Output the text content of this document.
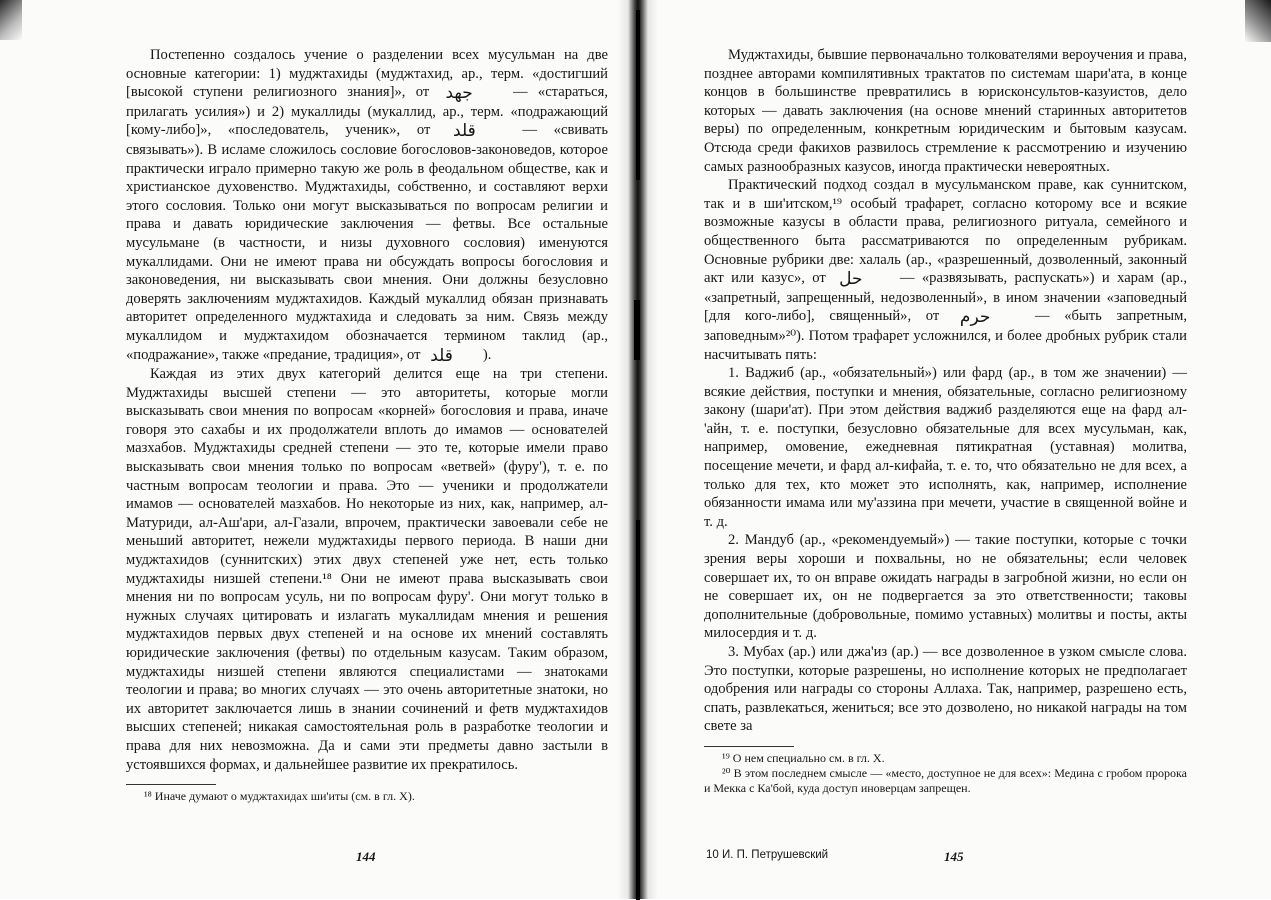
Постепенно создалось учение о разделении всех мусульман на две основные категории: 1) муджтахиды (муджтахид, ар., терм. «достигший [высокой ступени религиозного знания]», от جهد	— «стараться, прилагать усилия») и 2) мукаллиды (мукаллид, ар., терм. «подражающий [кому-либо]», «последователь, ученик», от قلد	— «свивать связывать»). В исламе сложилось сословие богословов-законоведов, которое практически играло примерно такую же роль в феодальном обществе, как и христианское духовенство. Муджтахиды, собственно, и составляют верхи этого сословия. Только они могут высказываться по вопросам религии и права и давать юридические заключения — фетвы. Все остальные мусульмане (в частности, и низы духовного сословия) именуются мукаллидами. Они не имеют права ни обсуждать вопросы богословия и законоведения, ни высказывать свои мнения. Они должны безусловно доверять заключениям муджтахидов. Каждый мукаллид обязан признавать авторитет определенного муджтахида и следовать за ним. Связь между мукаллидом и муджтахидом обозначается термином таклид (ар., «подражание», также «предание, традиция», от قلد ).

Каждая из этих двух категорий делится еще на три степени. Муджтахиды высшей степени — это авторитеты, которые могли высказывать свои мнения по вопросам «корней» богословия и права, иначе говоря это сахабы и их продолжатели вплоть до имамов — основателей мазхабов. Муджтахиды средней степени — это те, которые имели право высказывать свои мнения только по вопросам «ветвей» (фуру'), т. е. по частным вопросам теологии и права. Это — ученики и продолжатели имамов — основателей мазхабов. Но некоторые из них, как, например, ал-Матуриди, ал-Аш'ари, ал-Газали, впрочем, практически завоевали себе не меньший авторитет, нежели муджтахиды первого периода. В наши дни муджтахидов (суннитских) этих двух степеней уже нет, есть только муджтахиды низшей степени.¹⁸ Они не имеют права высказывать свои мнения ни по вопросам усуль, ни по вопросам фуру'. Они могут только в нужных случаях цитировать и излагать мукаллидам мнения и решения муджтахидов первых двух степеней и на основе их мнений составлять юридические заключения (фетвы) по отдельным казусам. Таким образом, муджтахиды низшей степени являются специалистами — знатоками теологии и права; во многих случаях — это очень авторитетные знатоки, но их авторитет заключается лишь в знании сочинений и фетв муджтахидов высших степеней; никакая самостоятельная роль в разработке теологии и права для них невозможна. Да и сами эти предметы давно застыли в устоявшихся формах, и дальнейшее развитие их прекратилось.

¹⁸ Иначе думают о муджтахидах ши'иты (см. в гл. X).

Муджтахиды, бывшие первоначально толкователями вероучения и права, позднее авторами компилятивных трактатов по системам шари'ата, в конце концов в большинстве превратились в юрисконсультов-казуистов, дело которых — давать заключения (на основе мнений старинных авторитетов веры) по определенным, конкретным юридическим и бытовым казусам. Отсюда среди факихов развилось стремление к рассмотрению и изучению самых разнообразных казусов, иногда практически невероятных.

Практический подход создал в мусульманском праве, как суннитском, так и в ши'итском,¹⁹ особый трафарет, согласно которому все и всякие возможные казусы в области права, религиозного ритуала, семейного и общественного быта рассматриваются по определенным рубрикам. Основные рубрики две: халаль (ар., «разрешенный, дозволенный, законный акт или казус», от حل	— «развязывать, распускать») и харам (ар., «запретный, запрещенный, недозволенный», в ином значении «заповедный [для кого-либо], священный», от حرم	— «быть запретным, заповедным»²⁰). Потом трафарет усложнился, и более дробных рубрик стали насчитывать пять:

1. Ваджиб (ар., «обязательный») или фард (ар., в том же значении) — всякие действия, поступки и мнения, обязательные, согласно религиозному закону (шари'ат). При этом действия ваджиб разделяются еще на фард ал-'айн, т. е. поступки, безусловно обязательные для всех мусульман, как, например, омовение, ежедневная пятикратная (уставная) молитва, посещение мечети, и фард ал-кифайа, т. е. то, что обязательно не для всех, а только для тех, кто может это исполнять, как, например, исполнение обязанности имама или му'аззина при мечети, участие в священной войне и т. д.

2. Мандуб (ар., «рекомендуемый») — такие поступки, которые с точки зрения веры хороши и похвальны, но не обязательны; если человек совершает их, то он вправе ожидать награды в загробной жизни, но если он не совершает их, он не подвергается за это ответственности; таковы дополнительные (добровольные, помимо уставных) молитвы и посты, акты милосердия и т. д.

3. Мубах (ар.) или джа'из (ар.) — все дозволенное в узком смысле слова. Это поступки, которые разрешены, но исполнение которых не предполагает одобрения или награды со стороны Аллаха. Так, например, разрешено есть, спать, развлекаться, жениться; все это дозволено, но никакой награды на том свете за

¹⁹ О нем специально см. в гл. X.
²⁰ В этом последнем смысле — «место, доступное не для всех»: Медина с гробом пророка и Мекка с Ка'бой, куда доступ иноверцам запрещен.
144	10 И. П. Петрушевский	145
